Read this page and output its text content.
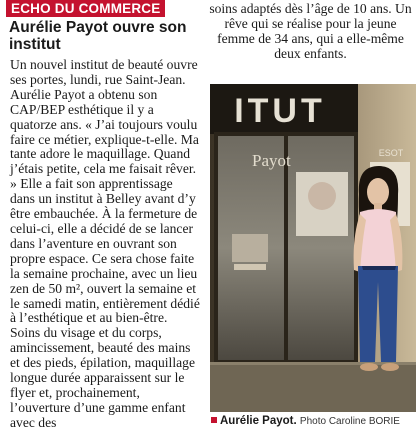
ECHO DU COMMERCE
Aurélie Payot ouvre son institut
Un nouvel institut de beauté ouvre ses portes, lundi, rue Saint-Jean. Aurélie Payot a obtenu son CAP/BEP esthétique il y a quatorze ans. « J’ai toujours voulu faire ce métier, explique-t-elle. Ma tante adore le maquillage. Quand j’étais petite, cela me faisait rêver. » Elle a fait son apprentissage dans un institut à Belley avant d’y être embauchée. À la fermeture de celui-ci, elle a décidé de se lancer dans l’aventure en ouvrant son propre espace. Ce sera chose faite la semaine prochaine, avec un lieu zen de 50 m², ouvert la semaine et le samedi matin, entièrement dédié à l’esthétique et au bien-être. Soins du visage et du corps, amincissement, beauté des mains et des pieds, épilation, maquillage longue durée apparaissent sur le flyer et, prochainement, l’ouverture d’une gamme enfant avec des
soins adaptés dès l’âge de 10 ans. Un rêve qui se réalise pour la jeune femme de 34 ans, qui a elle-même deux enfants.
ITUT
Payot	ESOT
Aurélie Payot. Photo Caroline BORIE
